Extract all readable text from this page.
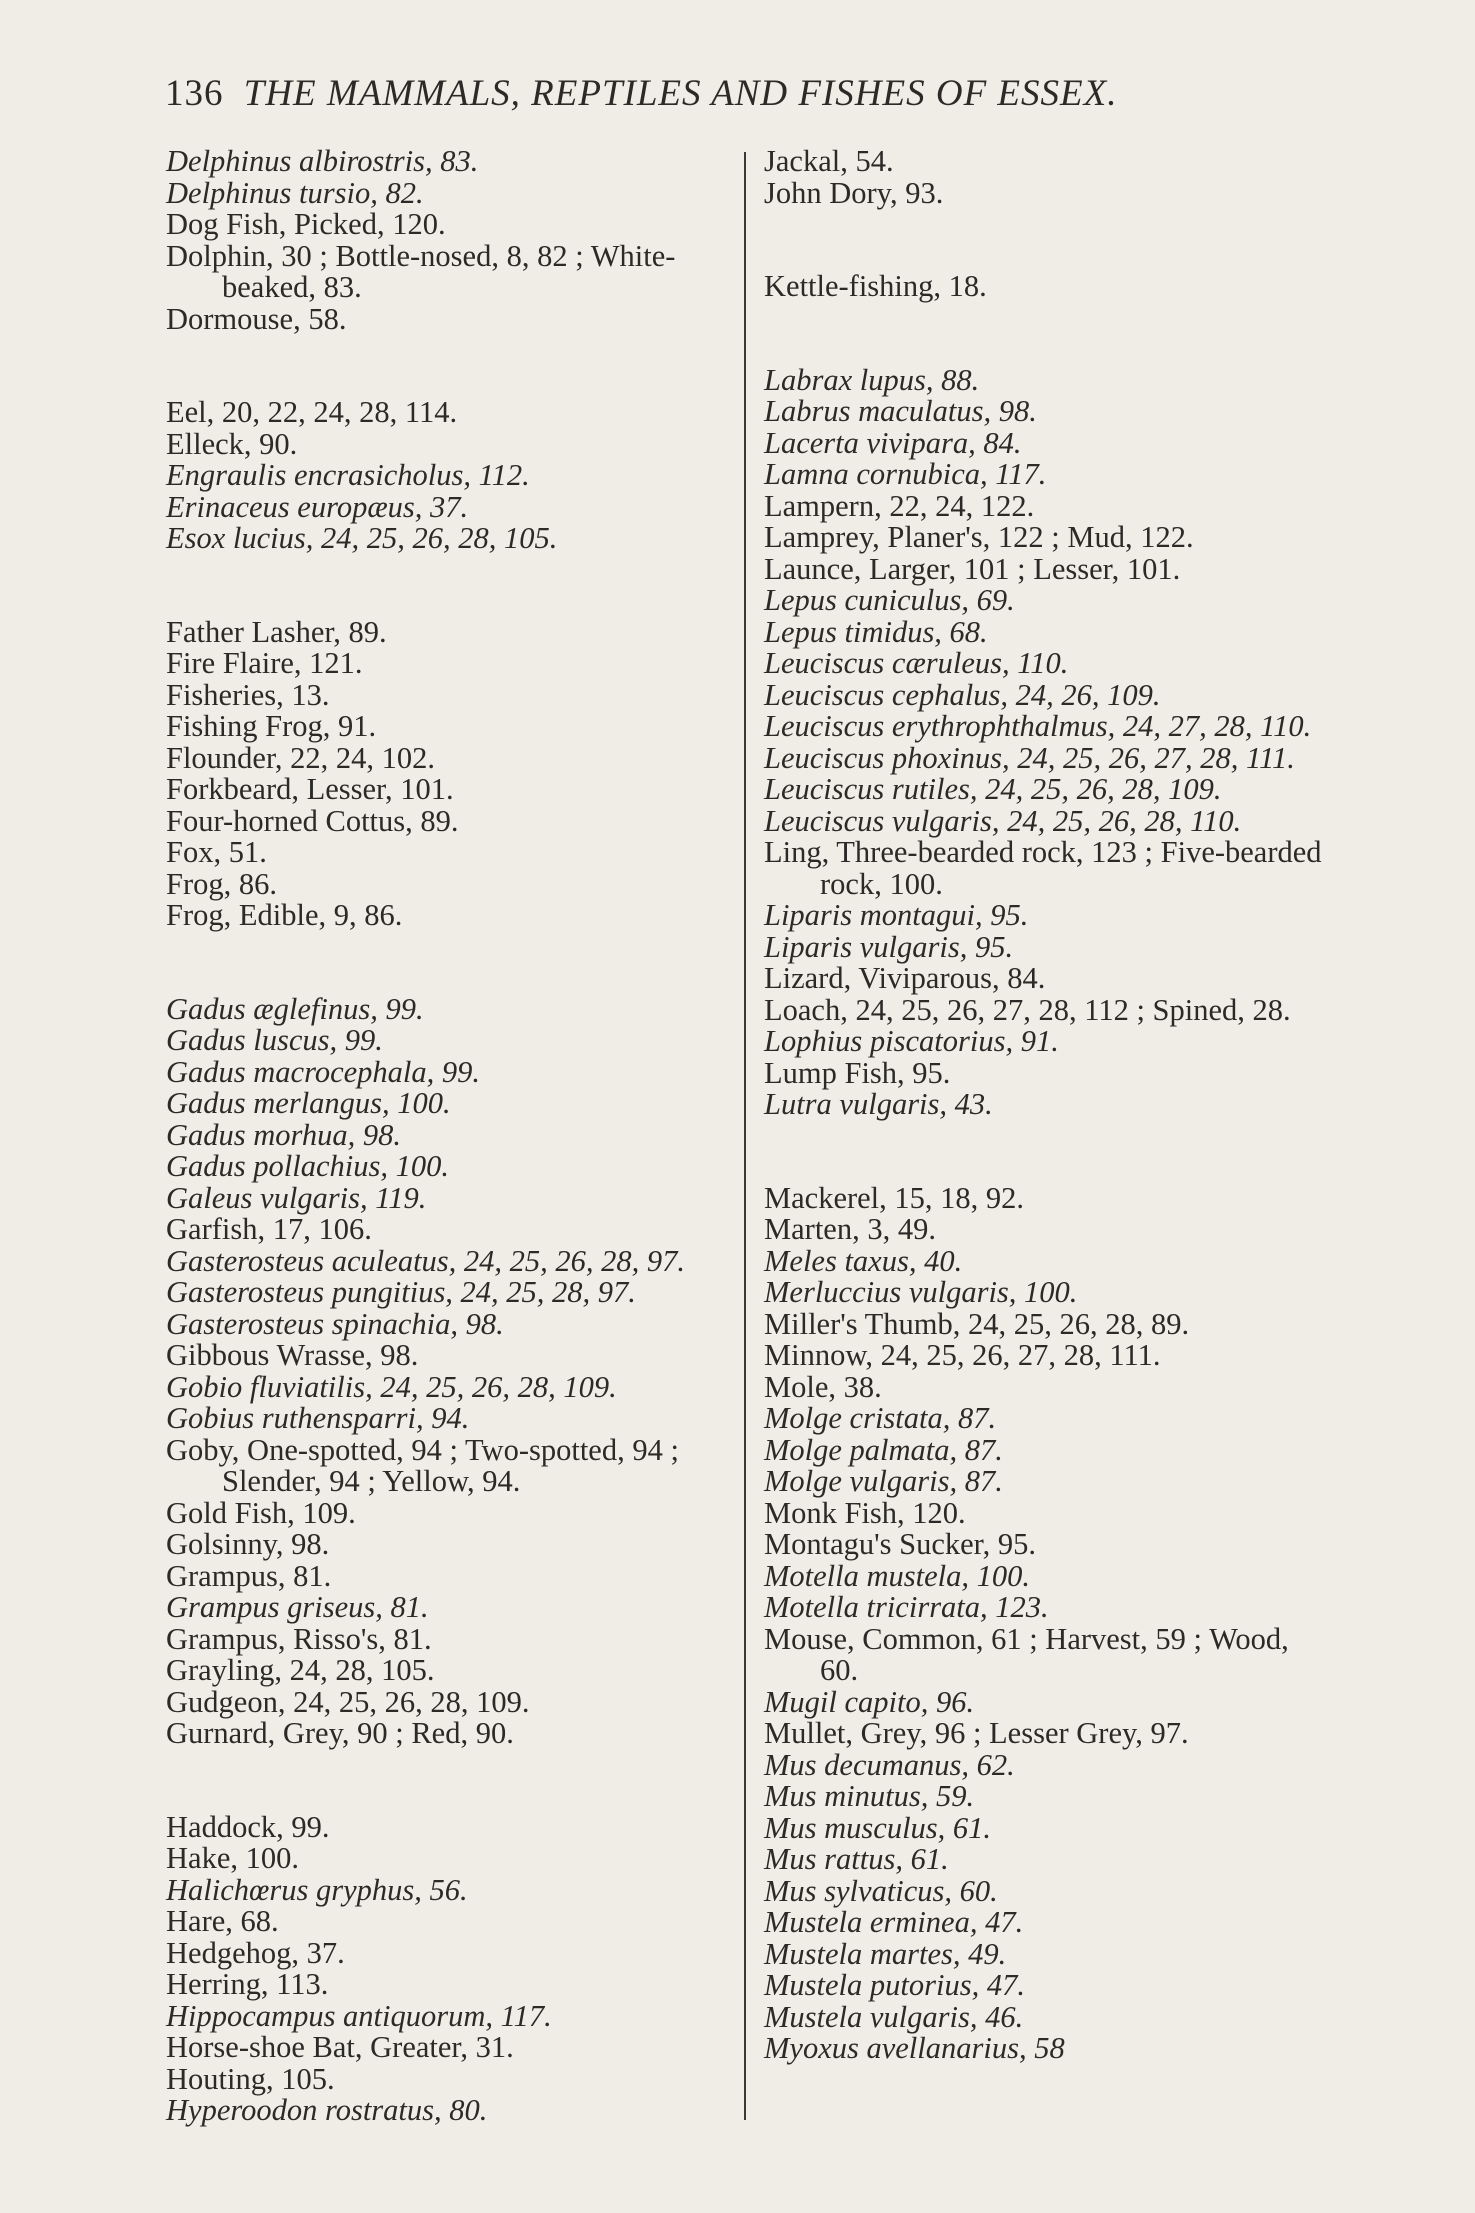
136 THE MAMMALS, REPTILES AND FISHES OF ESSEX.

Delphinus albirostris, 83.

Delphinus tursio, 82.

Dog Fish, Picked, 120.

Dolphin, 30 ; Bottle-nosed, 8, 82 ; White-beaked, 83.

Dormouse, 58.

Eel, 20, 22, 24, 28, 114.

Elleck, 90.

Engraulis encrasicholus, 112.

Erinaceus europæus, 37.

Esox lucius, 24, 25, 26, 28, 105.

Father Lasher, 89.

Fire Flaire, 121.

Fisheries, 13.

Fishing Frog, 91.

Flounder, 22, 24, 102.

Forkbeard, Lesser, 101.

Four-horned Cottus, 89.

Fox, 51.

Frog, 86.

Frog, Edible, 9, 86.

Gadus æglefinus, 99.

Gadus luscus, 99.

Gadus macrocephala, 99.

Gadus merlangus, 100.

Gadus morhua, 98.

Gadus pollachius, 100.

Galeus vulgaris, 119.

Garfish, 17, 106.

Gasterosteus aculeatus, 24, 25, 26, 28, 97.

Gasterosteus pungitius, 24, 25, 28, 97.

Gasterosteus spinachia, 98.

Gibbous Wrasse, 98.

Gobio fluviatilis, 24, 25, 26, 28, 109.

Gobius ruthensparri, 94.

Goby, One-spotted, 94 ; Two-spotted, 94 ; Slender, 94 ; Yellow, 94.

Gold Fish, 109.

Golsinny, 98.

Grampus, 81.

Grampus griseus, 81.

Grampus, Risso's, 81.

Grayling, 24, 28, 105.

Gudgeon, 24, 25, 26, 28, 109.

Gurnard, Grey, 90 ; Red, 90.

Haddock, 99.

Hake, 100.

Halichœrus gryphus, 56.

Hare, 68.

Hedgehog, 37.

Herring, 113.

Hippocampus antiquorum, 117.

Horse-shoe Bat, Greater, 31.

Houting, 105.

Hyperoodon rostratus, 80.

Jackal, 54.

John Dory, 93.

Kettle-fishing, 18.

Labrax lupus, 88.

Labrus maculatus, 98.

Lacerta vivipara, 84.

Lamna cornubica, 117.

Lampern, 22, 24, 122.

Lamprey, Planer's, 122 ; Mud, 122.

Launce, Larger, 101 ; Lesser, 101.

Lepus cuniculus, 69.

Lepus timidus, 68.

Leuciscus cæruleus, 110.

Leuciscus cephalus, 24, 26, 109.

Leuciscus erythrophthalmus, 24, 27, 28, 110.

Leuciscus phoxinus, 24, 25, 26, 27, 28, 111.

Leuciscus rutiles, 24, 25, 26, 28, 109.

Leuciscus vulgaris, 24, 25, 26, 28, 110.

Ling, Three-bearded rock, 123 ; Five-bearded rock, 100.

Liparis montagui, 95.

Liparis vulgaris, 95.

Lizard, Viviparous, 84.

Loach, 24, 25, 26, 27, 28, 112 ; Spined, 28.

Lophius piscatorius, 91.

Lump Fish, 95.

Lutra vulgaris, 43.

Mackerel, 15, 18, 92.

Marten, 3, 49.

Meles taxus, 40.

Merluccius vulgaris, 100.

Miller's Thumb, 24, 25, 26, 28, 89.

Minnow, 24, 25, 26, 27, 28, 111.

Mole, 38.

Molge cristata, 87.

Molge palmata, 87.

Molge vulgaris, 87.

Monk Fish, 120.

Montagu's Sucker, 95.

Motella mustela, 100.

Motella tricirrata, 123.

Mouse, Common, 61 ; Harvest, 59 ; Wood, 60.

Mugil capito, 96.

Mullet, Grey, 96 ; Lesser Grey, 97.

Mus decumanus, 62.

Mus minutus, 59.

Mus musculus, 61.

Mus rattus, 61.

Mus sylvaticus, 60.

Mustela erminea, 47.

Mustela martes, 49.

Mustela putorius, 47.

Mustela vulgaris, 46.

Myoxus avellanarius, 58
